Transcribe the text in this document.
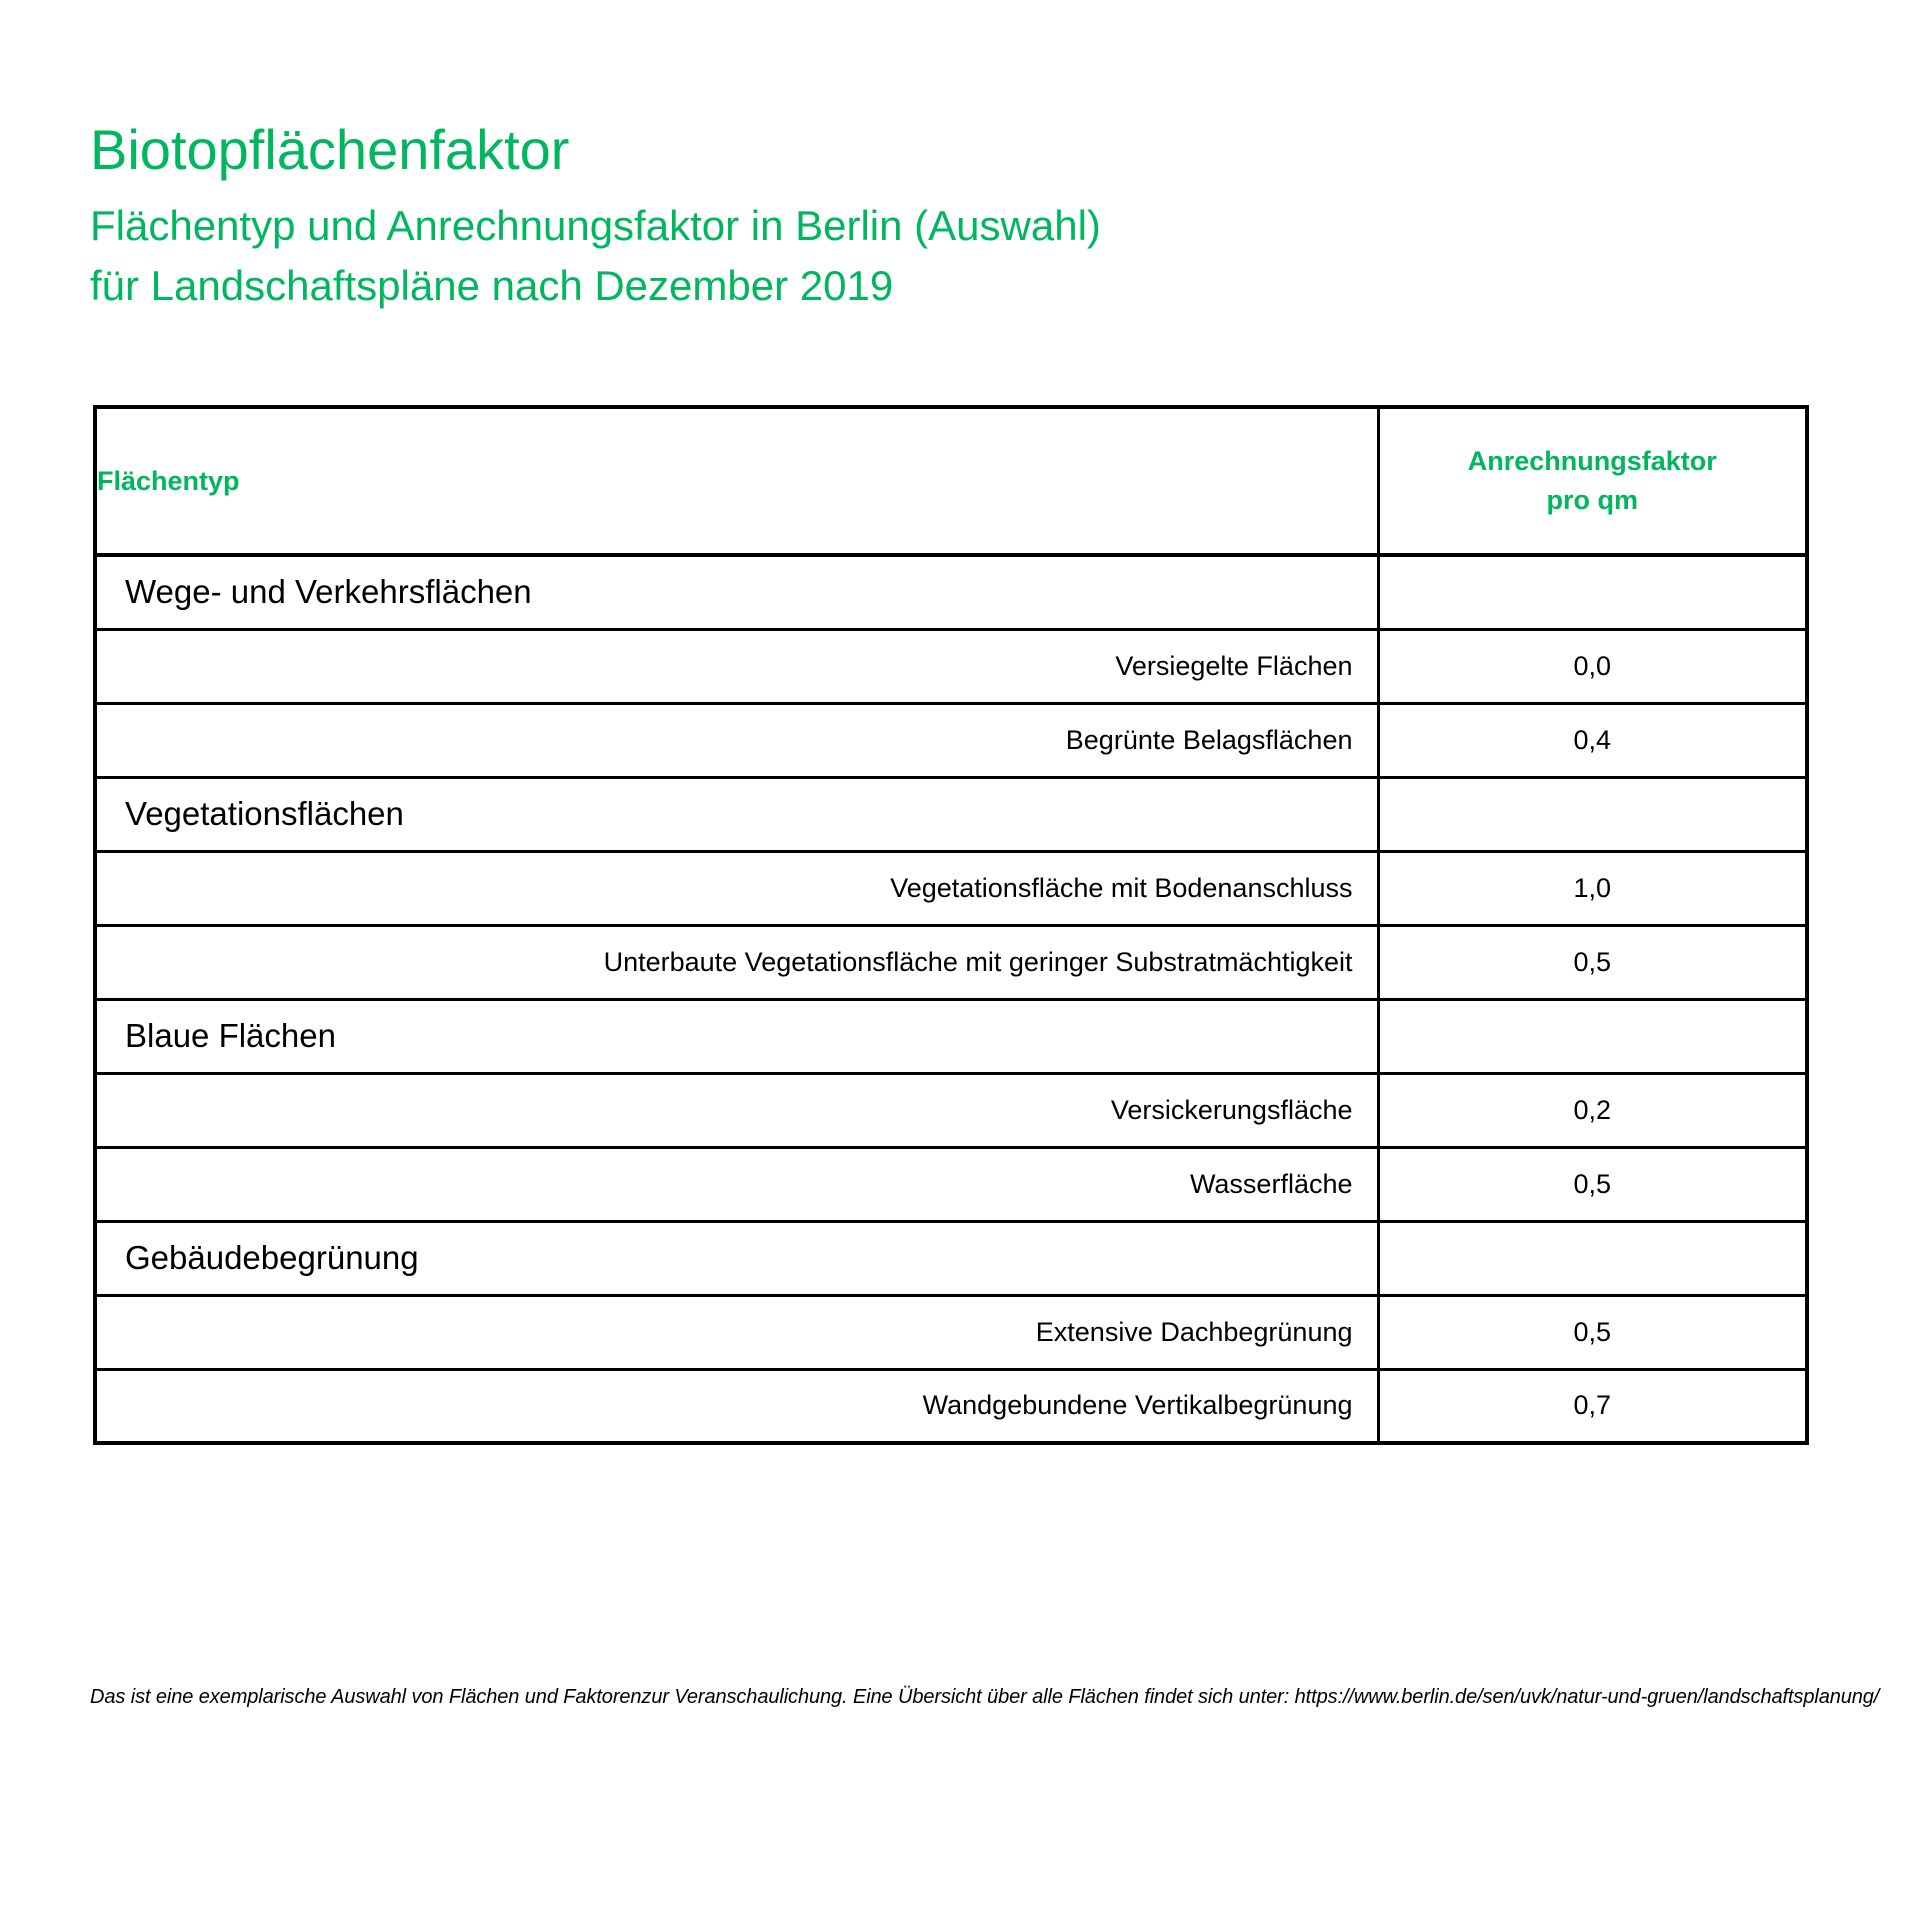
Biotopflächenfaktor

Flächentyp und Anrechnungsfaktor in Berlin (Auswahl)

für Landschaftspläne nach Dezember 2019

Flächentyp	Anrechnungsfaktor
pro qm
Wege- und Verkehrsflächen	
Versiegelte Flächen	0,0
Begrünte Belagsflächen	0,4
Vegetationsflächen	
Vegetationsfläche mit Bodenanschluss	1,0
Unterbaute Vegetationsfläche mit geringer Substratmächtigkeit	0,5
Blaue Flächen	
Versickerungsfläche	0,2
Wasserfläche	0,5
Gebäudebegrünung	
Extensive Dachbegrünung	0,5
Wandgebundene Vertikalbegrünung	0,7
Das ist eine exemplarische Auswahl von Flächen und Faktorenzur Veranschaulichung. Eine Übersicht über alle Flächen findet sich unter: https://www.berlin.de/sen/uvk/natur-und-gruen/landschaftsplanung/
